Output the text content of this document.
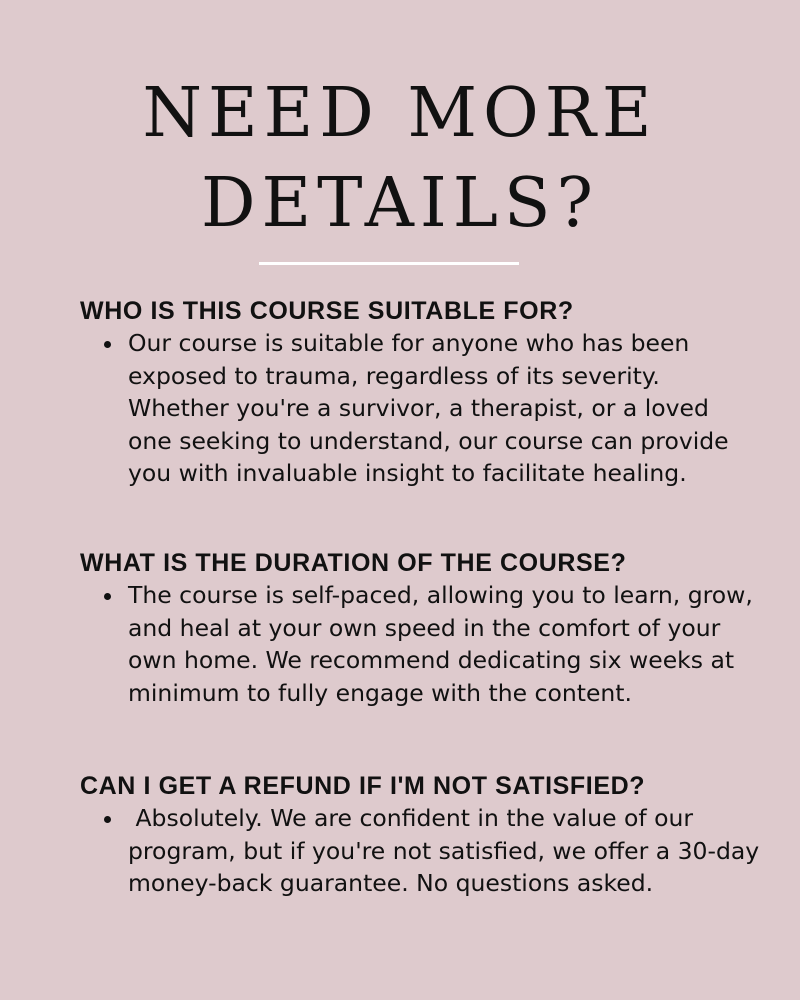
NEED MORE
DETAILS?
WHO IS THIS COURSE SUITABLE FOR?
Our course is suitable for anyone who has been exposed to trauma, regardless of its severity. Whether you're a survivor, a therapist, or a loved one seeking to understand, our course can provide you with invaluable insight to facilitate healing.
WHAT IS THE DURATION OF THE COURSE?
The course is self-paced, allowing you to learn, grow, and heal at your own speed in the comfort of your own home. We recommend dedicating six weeks at minimum to fully engage with the content.
CAN I GET A REFUND IF I'M NOT SATISFIED?
Absolutely. We are confident in the value of our program, but if you're not satisfied, we offer a 30-day money-back guarantee. No questions asked.
